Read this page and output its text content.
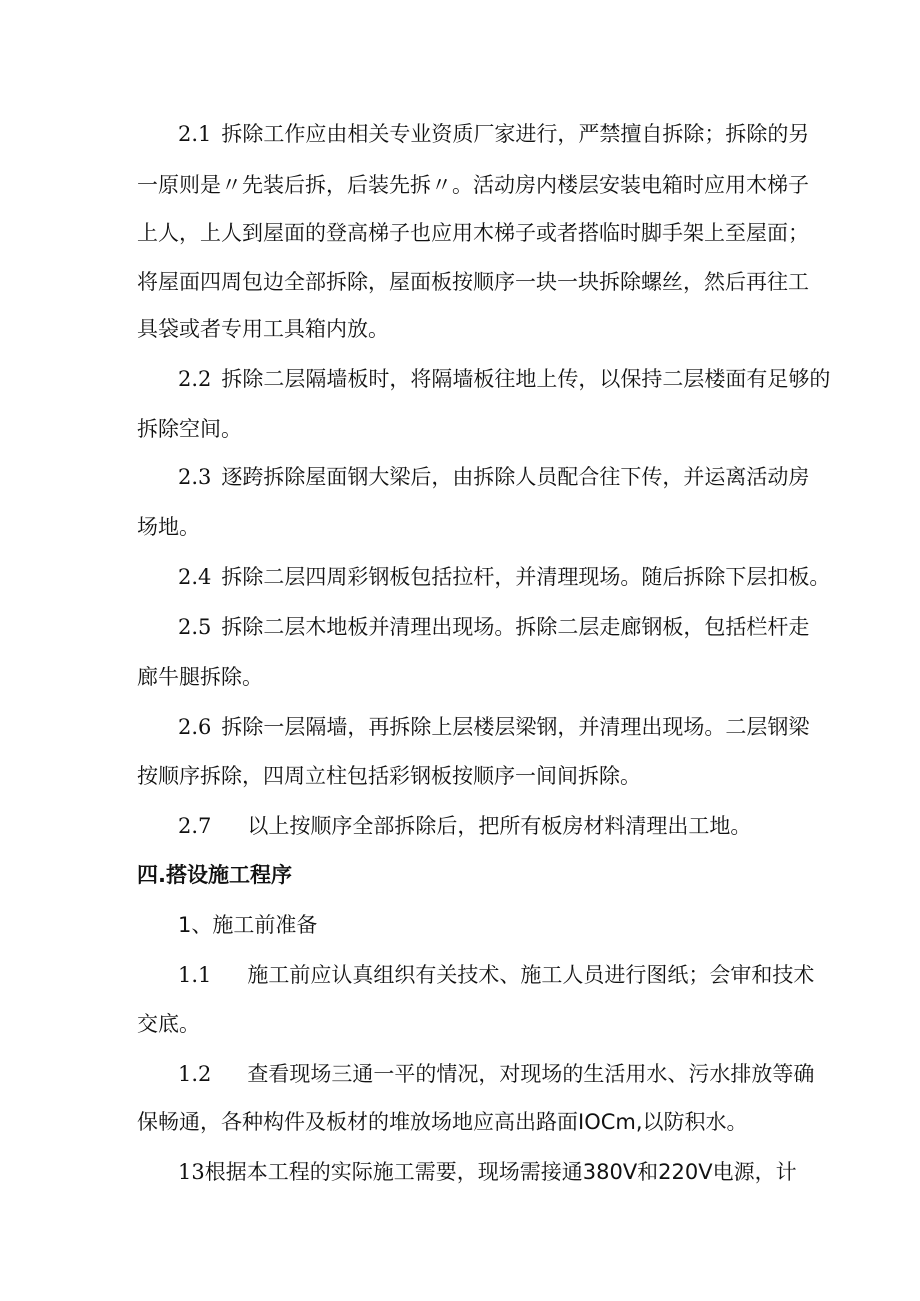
2.1 拆除工作应由相关专业资质厂家进行，严禁擅自拆除；拆除的另
一原则是〃先装后拆，后装先拆〃。活动房内楼层安装电箱时应用木梯子
上人，上人到屋面的登高梯子也应用木梯子或者搭临时脚手架上至屋面；
将屋面四周包边全部拆除，屋面板按顺序一块一块拆除螺丝，然后再往工
具袋或者专用工具箱内放。
2.2 拆除二层隔墙板时，将隔墙板往地上传，以保持二层楼面有足够的
拆除空间。
2.3 逐跨拆除屋面钢大梁后，由拆除人员配合往下传，并运离活动房
场地。
2.4 拆除二层四周彩钢板包括拉杆，并清理现场。随后拆除下层扣板。
2.5 拆除二层木地板并清理出现场。拆除二层走廊钢板，包括栏杆走
廊牛腿拆除。
2.6 拆除一层隔墙，再拆除上层楼层梁钢，并清理出现场。二层钢梁
按顺序拆除，四周立柱包括彩钢板按顺序一间间拆除。
2.7 以上按顺序全部拆除后，把所有板房材料清理出工地。
四.搭设施工程序
1、施工前准备
1.1 施工前应认真组织有关技术、施工人员进行图纸；会审和技术
交底。
1.2 查看现场三通一平的情况，对现场的生活用水、污水排放等确
保畅通，各种构件及板材的堆放场地应高出路面IOCm,以防积水。
13根据本工程的实际施工需要，现场需接通380V和220V电源，计
